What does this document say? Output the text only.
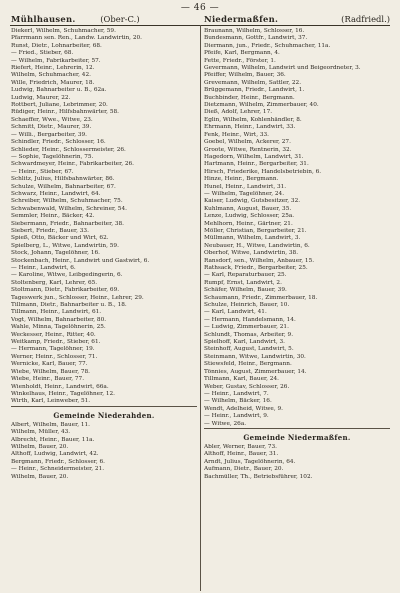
— 46 —
Mühlhausen.	(Ober-C.)	Niedermaßfen.	(Radfriedl.)
Diekerl, Wilhelm, Schuhmacher, 59.
Pfarrmann sen. Ren., Landw. Landwirtin, 20.
Runst, Dietr., Lohnarbeiter, 68.
— Fried., Stieber, 68.
— Wilhelm, Fabrikarbeiter, 57.
Riefert, Heinr., Lehrerin, 12.
Wilhelm, Schuhmacher, 42.
Wille, Friedrich, Maurer, 18.
Ludwig, Bahnarbeiter u. B., 62a.
Ludwig, Maurer, 22.
Rottbert, Juliane, Lebrimmer, 20.
Rüdiger, Heinr., Hilfsbahnwärter, 58.
Schaeffer, Wwe., Witwe, 23.
Schmitt, Dietr., Maurer, 39.
— Willi., Bergarbeiter, 39.
Schindler, Friedr., Schlosser, 16.
Schlieder, Heinr., Schlossermeister, 26.
— Sophie, Tagelöhnerin, 75.
Schwardmeyer, Heinr., Fabrikarbeiter, 26.
— Heinr., Stieber, 67.
Schlitz, Julius, Hilfsbahnwärter, 86.
Schulze, Wilhelm, Bahnarbeiter, 67.
Schwarz, Heinr., Landwirt, 64.
Schreiber, Wilhelm, Schuhmacher, 75.
Schwabenwald, Wilhelm, Schreiner, 54.
Semmler, Heinr., Bäcker, 42.
Siebermann, Friedr., Bahnarbeiter, 38.
Siebert, Friedr., Bauer, 33.
Spieß, Otto, Bäcker und Wirt, 62.
Spielberg, L., Witwe, Landwirtin, 59.
Stock, Johann, Tagelöhner, 16.
Stockenbach, Heinr., Landwirt und Gastwirt, 6.
— Heinr., Landwirt, 6.
— Karoline, Witwe, Leibgedingerin, 6.
Stoltenberg, Karl, Lehrer, 65.
Stoltmann, Dietr., Fabrikarbeiter, 69.
Tageswerk jun., Schlosser, Heinr., Lehrer, 29.
Tillmann, Dietr., Bahnarbeiter u. B., 18.
Tillmann, Heinr., Landwirt, 61.
Vogt, Wilhelm, Bahnarbeiter, 80.
Wahle, Minna, Tagelöhnerin, 25.
Weckesser, Heinr., Ritter, 40.
Weitkamp, Friedr., Stieber, 61.
— Hermann, Tagelöhner, 19.
Werner, Heinr., Schlosser, 71.
Wernicke, Karl, Bauer, 77.
Wiebe, Wilhelm, Bauer, 78.
Wiebe, Heinr., Bauer, 77.
Wienholdt, Heinr., Landwirt, 66a.
Winkelhaus, Heinr., Tagelöhner, 12.
Wirth, Karl, Leinweber, 51.
Gemeinde Niederahden.
Albert, Wilhelm, Bauer, 11.
Wilhelm, Müller, 43.
Albrecht, Heinr., Bauer, 11a.
Wilhelm, Bauer, 20.
Althoff, Ludwig, Landwirt, 42.
Bergmann, Friedr., Schlosser, 6.
— Heinr., Schneidermeister, 21.
Wilhelm, Bauer, 20.
Braunann, Wilhelm, Schlosser, 16.
Bundesmann, Gottfr., Landwirt, 37.
Diermann, jun., Friedr., Schuhmacher, 11a.
Pfeife, Karl, Bergmann, 4.
Fette, Friedr., Förster, 1.
Gevermann, Wilhelm, Landwirt und Beigeordneter, 3.
Pfeiffer, Wilhelm, Bauer, 36.
Grevemann, Wilhelm, Sattler, 22.
Brüggemann, Friedr., Landwirt, 1.
Buchbinder, Heinr., Bergmann.
Dietzmann, Wilhelm, Zimmerbauer, 40.
Dieß, Adolf, Lehrer, 17.
Eglin, Wilhelm, Kohlenhändler, 8.
Ehrmann, Heinr., Landwirt, 33.
Fenk, Heinr., Wirt, 33.
Goebel, Wilhelm, Ackerer, 27.
Groote, Witwe, Rentnerin, 32.
Hagedorn, Wilhelm, Landwirt, 31.
Hartmann, Heinr., Bergarbeiter, 31.
Hirsch, Friederike, Handelsbetriebin, 6.
Hinze, Heinr., Bergmann.
Hunel, Heinr., Landwirt, 31.
— Wilhelm, Tagelöhner, 24.
Kaiser, Ludwig, Gutsbesitzer, 32.
Kuhlmann, August, Bauer, 35.
Lenze, Ludwig, Schlosser, 25a.
Mehlhorn, Heinr., Gärtner, 21.
Möller, Christian, Bergarbeiter, 21.
Müllmann, Wilhelm, Landwirt, 3.
Neubauer, H., Witwe, Landwirtin, 6.
Oberhof, Witwe, Landwirtin, 38.
Ransdorf, sen., Wilhelm, Anbauer, 15.
Rathsack, Friedr., Bergarbeiter, 25.
— Karl, Reparaturbauer, 25.
Rumpf, Ernst, Landwirt, 2.
Schäfer, Wilhelm, Bauer, 39.
Schaumann, Friedr., Zimmerbauer, 18.
Schulze, Heinrich, Bauer, 10.
— Karl, Landwirt, 41.
— Hermann, Handelsmann, 14.
— Ludwig, Zimmerbauer, 21.
Schlundt, Thomas, Arbeiter, 9.
Spielhoff, Karl, Landwirt, 3.
Steinhoff, August, Landwirt, 5.
Steinmann, Witwe, Landwirtin, 30.
Stiewsfeld, Heinr., Bergmann.
Tönnies, August, Zimmerbauer, 14.
Tillmann, Karl, Bauer, 24.
Weber, Gustav, Schlosser, 26.
— Heinr., Landwirt, 7.
— Wilhelm, Bäcker, 16.
Wendt, Adelheid, Witwe, 9.
— Heinr., Landwirt, 9.
— Witwe, 26a.
Gemeinde Niedermaßfen.
Abler, Werner, Bauer, 73.
Althoff, Heinr., Bauer, 31.
Arndt, Julius, Tagelöhnerin, 64.
Aufmann, Dietr., Bauer, 20.
Bachmüller, Th., Betriebsführer, 102.
